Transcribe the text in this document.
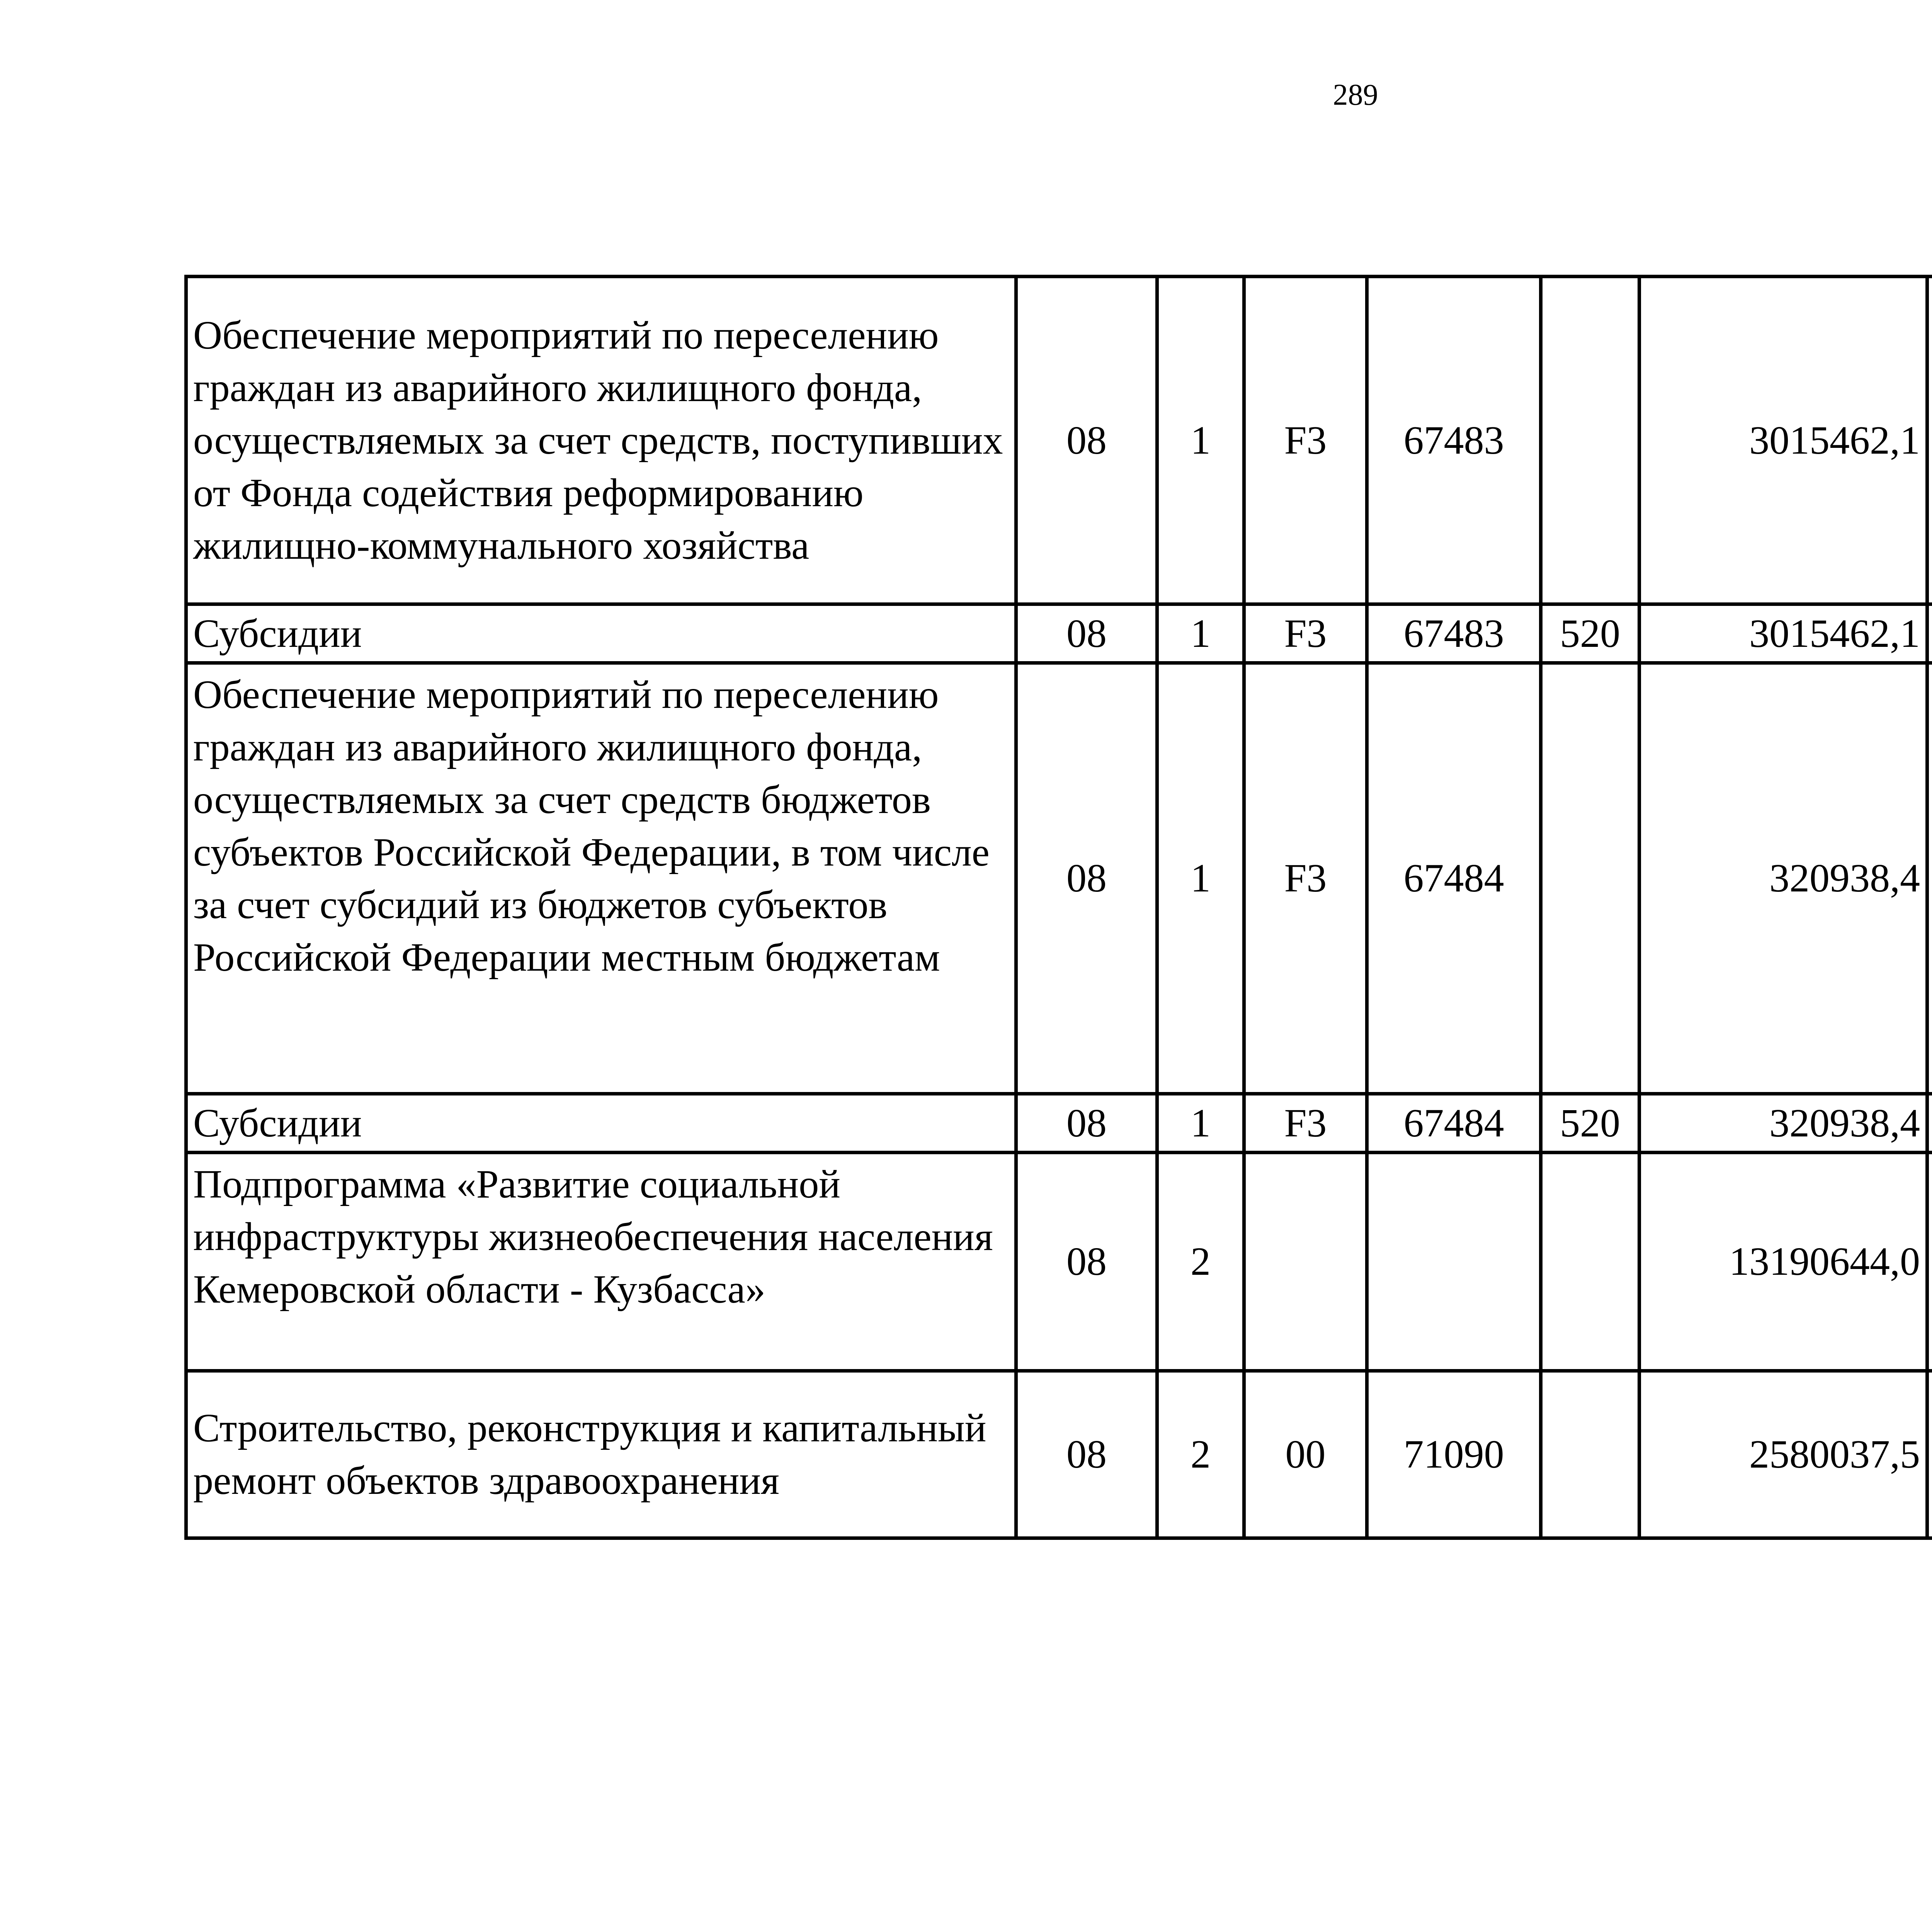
289
Обеспечение мероприятий по переселению граждан из аварийного жилищного фонда, осуществляемых за счет средств, поступивших от Фонда содействия реформированию жилищно-коммунального хозяйства	08	1	F3	67483		3015462,1		
Субсидии	08	1	F3	67483	520	3015462,1		
Обеспечение мероприятий по переселению граждан из аварийного жилищного фонда, осуществляемых за счет средств бюджетов субъектов Российской Федерации, в том числе за счет субсидий из бюджетов субъектов Российской Федерации местным бюджетам	08	1	F3	67484		320938,4		
Субсидии	08	1	F3	67484	520	320938,4		
Подпрограмма «Развитие социальной инфраструктуры жизнеобеспечения населения Кемеровской области - Кузбасса»	08	2				13190644,0		
Строительство, реконструкция и капитальный ремонт объектов здравоохранения	08	2	00	71090		2580037,5		
